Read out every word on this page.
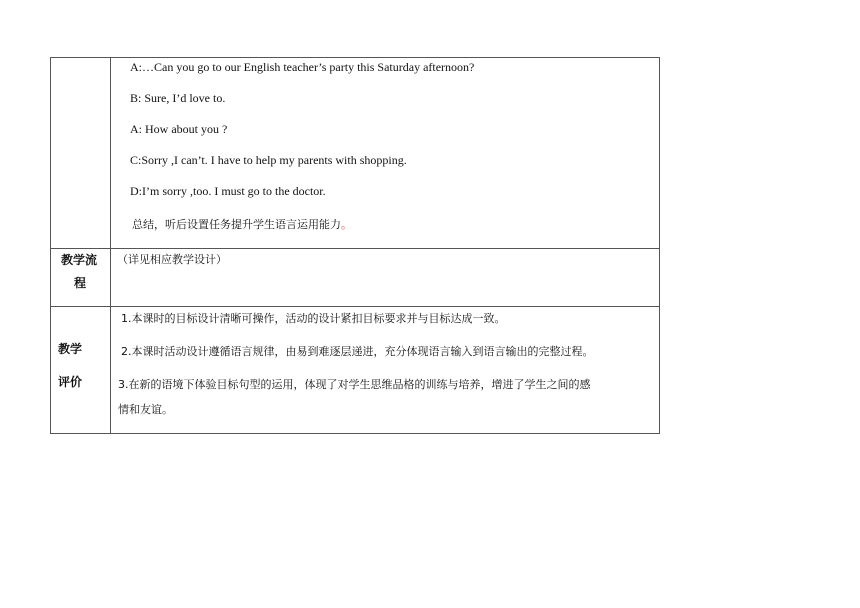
A:…Can you go to our English teacher’s party this Saturday afternoon?
B: Sure, I’d love to.
A: How about you ?
C:Sorry ,I can’t. I have to help my parents with shopping.
D:I’m sorry ,too. I must go to the doctor.
总结，听后设置任务提升学生语言运用能力。
教学流
程
（详见相应教学设计）
教学
评价
1.本课时的目标设计清晰可操作，活动的设计紧扣目标要求并与目标达成一致。
2.本课时活动设计遵循语言规律，由易到难逐层递进，充分体现语言输入到语言输出的完整过程。
3.在新的语境下体验目标句型的运用，体现了对学生思维品格的训练与培养，增进了学生之间的感
情和友谊。
